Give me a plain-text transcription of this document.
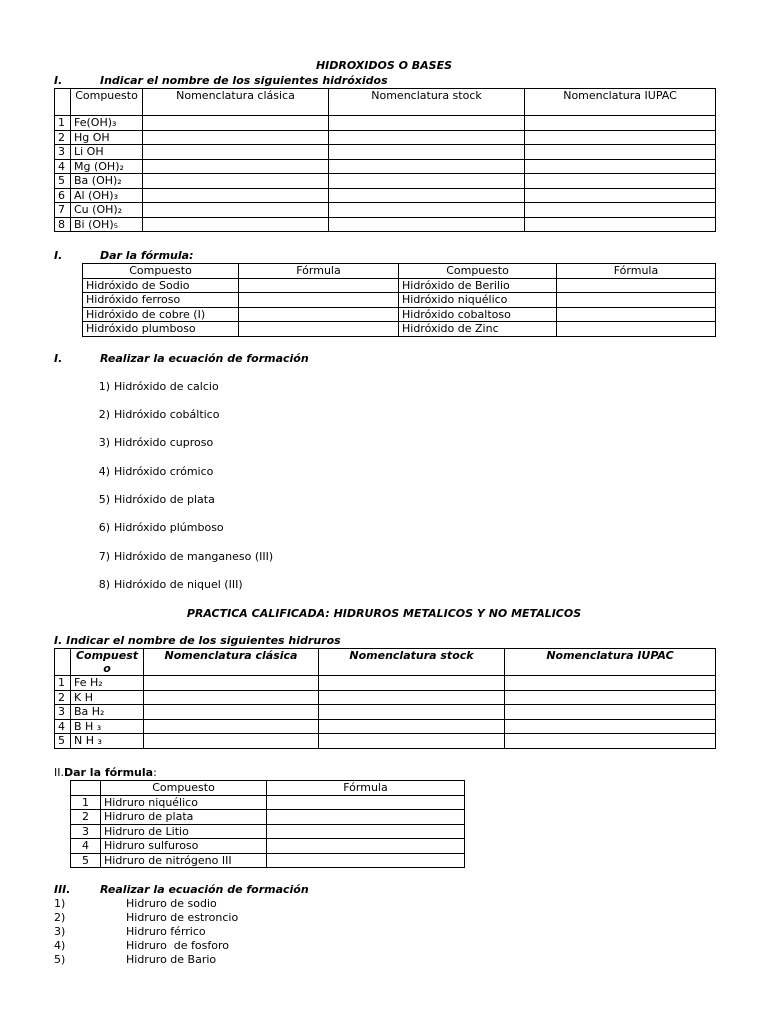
HIDROXIDOS O BASES
I.	Indicar el nombre de los siguientes hidróxidos
	Compuesto	Nomenclatura clásica	Nomenclatura stock	Nomenclatura IUPAC
1	Fe(OH)₃			
2	Hg OH			
3	Li OH			
4	Mg (OH)₂			
5	Ba (OH)₂			
6	Al (OH)₃			
7	Cu (OH)₂			
8	Bi (OH)₅			
I.	Dar la fórmula:
Compuesto	Fórmula	Compuesto	Fórmula
Hidróxido de Sodio		Hidróxido de Berilio	
Hidróxido ferroso		Hidróxido niquélico	
Hidróxido de cobre (I)		Hidróxido cobaltoso	
Hidróxido plumboso		Hidróxido de Zinc	
I.	Realizar la ecuación de formación
1) Hidróxido de calcio
2) Hidróxido cobáltico
3) Hidróxido cuproso
4) Hidróxido crómico
5) Hidróxido de plata
6) Hidróxido plúmboso
7) Hidróxido de manganeso (III)
8) Hidróxido de niquel (III)
PRACTICA CALIFICADA: HIDRUROS METALICOS Y NO METALICOS
I. Indicar el nombre de los siguientes hidruros
	Compuesto	Nomenclatura clásica	Nomenclatura stock	Nomenclatura IUPAC
1	Fe H₂			
2	K H			
3	Ba H₂			
4	B H ₃			
5	N H ₃			
II.Dar la fórmula:
	Compuesto	Fórmula
1	Hidruro niquélico	
2	Hidruro de plata	
3	Hidruro de Litio	
4	Hidruro sulfuroso	
5	Hidruro de nitrógeno III	
III.	Realizar la ecuación de formación
1)	Hidruro de sodio
2)	Hidruro de estroncio
3)	Hidruro férrico
4)	Hidruro  de fosforo
5)	Hidruro de Bario
